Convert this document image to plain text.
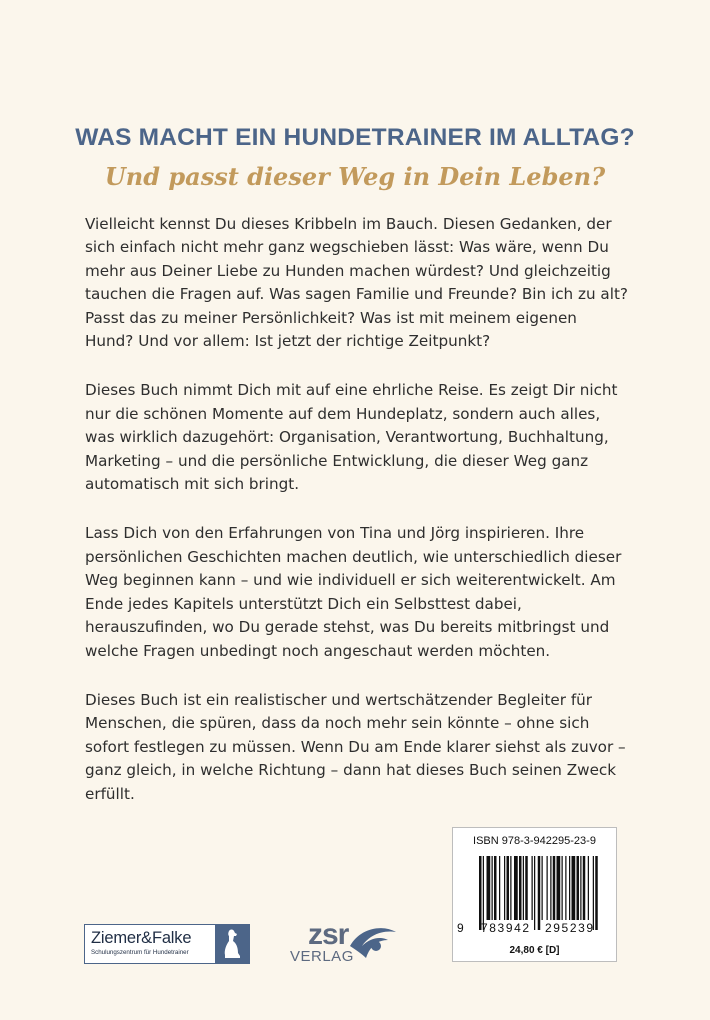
WAS MACHT EIN HUNDETRAINER IM ALLTAG?
Und passt dieser Weg in Dein Leben?

Vielleicht kennst Du dieses Kribbeln im Bauch. Diesen Gedanken, der sich einfach nicht mehr ganz wegschieben lässt: Was wäre, wenn Du mehr aus Deiner Liebe zu Hunden machen würdest? Und gleichzeitig tauchen die Fragen auf. Was sagen Familie und Freunde? Bin ich zu alt? Passt das zu meiner Persönlichkeit? Was ist mit meinem eigenen Hund? Und vor allem: Ist jetzt der richtige Zeitpunkt?

Dieses Buch nimmt Dich mit auf eine ehrliche Reise. Es zeigt Dir nicht nur die schönen Momente auf dem Hundeplatz, sondern auch alles, was wirklich dazugehört: Organisation, Verantwortung, Buchhaltung, Marketing – und die persönliche Entwicklung, die dieser Weg ganz automatisch mit sich bringt.

Lass Dich von den Erfahrungen von Tina und Jörg inspirieren. Ihre persönlichen Geschichten machen deutlich, wie unterschiedlich dieser Weg beginnen kann – und wie individuell er sich weiterentwickelt. Am Ende jedes Kapitels unterstützt Dich ein Selbsttest dabei, herauszufinden, wo Du gerade stehst, was Du bereits mitbringst und welche Fragen unbedingt noch angeschaut werden möchten.

Dieses Buch ist ein realistischer und wertschätzender Begleiter für Menschen, die spüren, dass da noch mehr sein könnte – ohne sich sofort festlegen zu müssen. Wenn Du am Ende klarer siehst als zuvor – ganz gleich, in welche Richtung – dann hat dieses Buch seinen Zweck erfüllt.

Ziemer&Falke
Schulungszentrum für Hundetrainer
zsr
VERLAG
ISBN 978-3-942295-23-9
9 783942 295239
24,80 € [D]
